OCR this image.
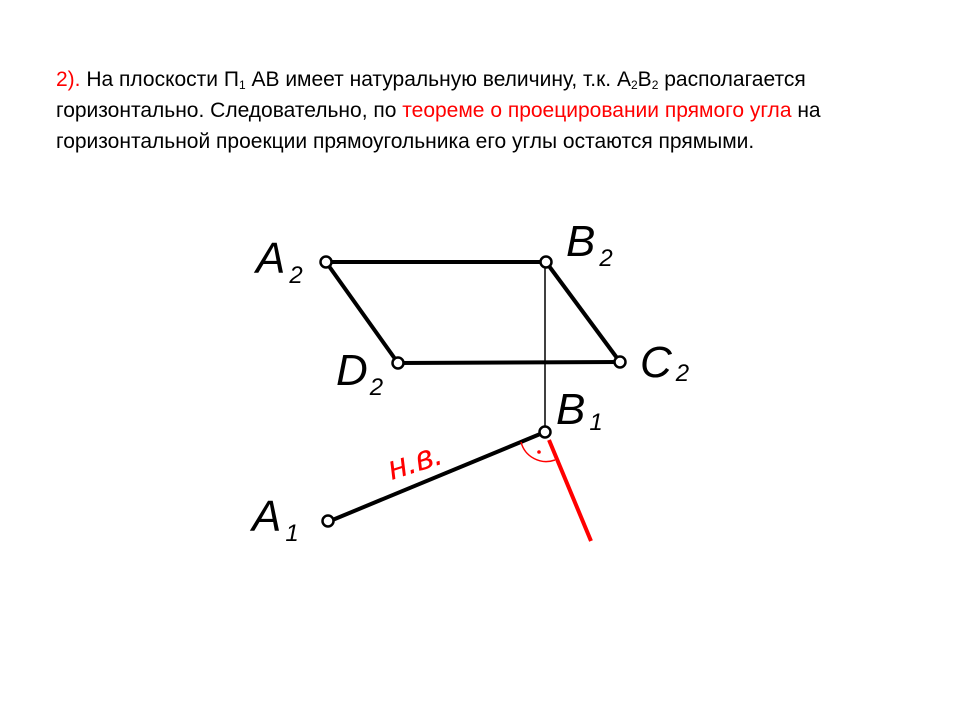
2). На плоскости $П_1$ АВ имеет натуральную величину, т.к. $А_2В_2$ располагается горизонтально. Следовательно, по теореме о проецировании прямого угла на горизонтальной проекции прямоугольника его углы остаются прямыми.
A 2
B 2
C 2
D2	B 1
A 1
н.в.
